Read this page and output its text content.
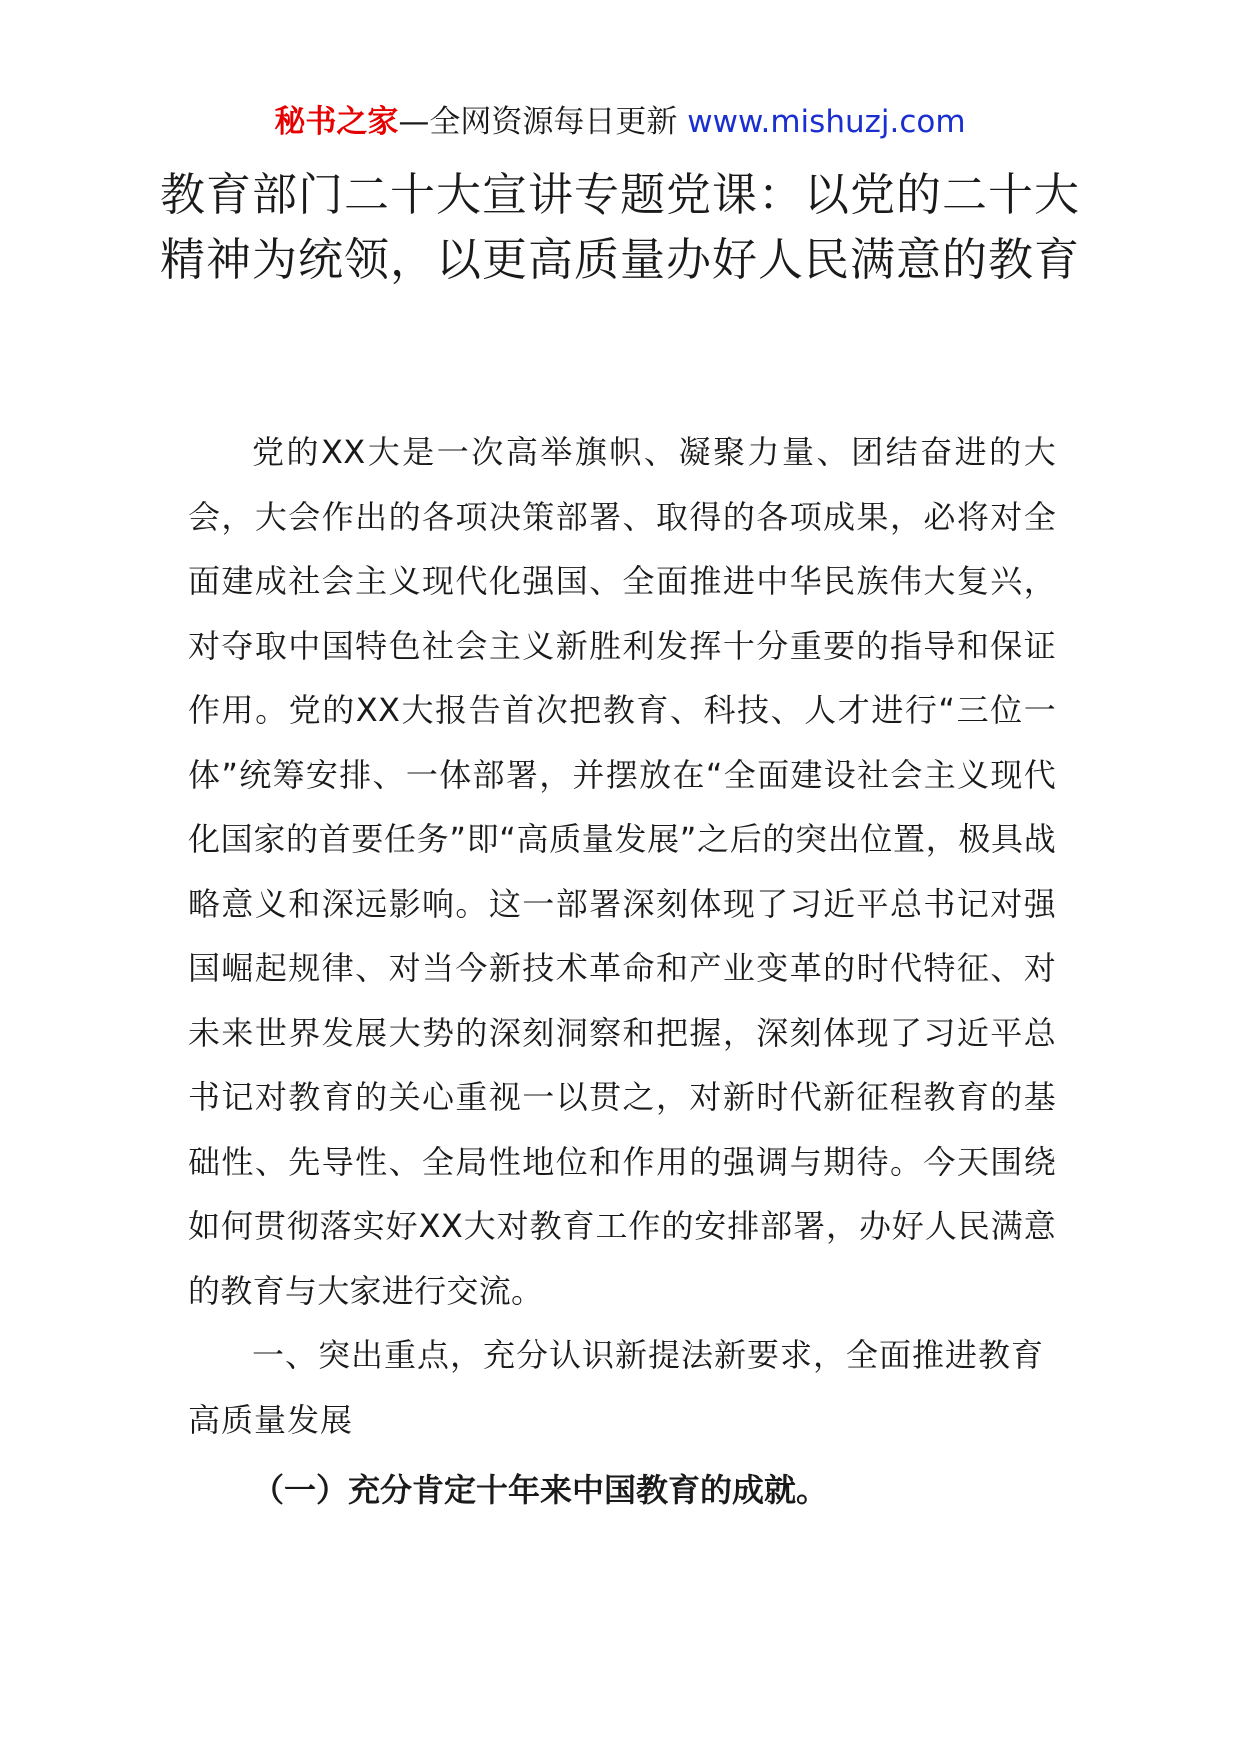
秘书之家—全网资源每日更新 www.mishuzj.com
教育部门二十大宣讲专题党课：以党的二十大精神为统领，以更高质量办好人民满意的教育

党的XX大是一次高举旗帜、凝聚力量、团结奋进的大会，大会作出的各项决策部署、取得的各项成果，必将对全面建成社会主义现代化强国、全面推进中华民族伟大复兴，对夺取中国特色社会主义新胜利发挥十分重要的指导和保证作用。党的XX大报告首次把教育、科技、人才进行“三位一体”统筹安排、一体部署，并摆放在“全面建设社会主义现代化国家的首要任务”即“高质量发展”之后的突出位置，极具战略意义和深远影响。这一部署深刻体现了习近平总书记对强国崛起规律、对当今新技术革命和产业变革的时代特征、对未来世界发展大势的深刻洞察和把握，深刻体现了习近平总书记对教育的关心重视一以贯之，对新时代新征程教育的基础性、先导性、全局性地位和作用的强调与期待。今天围绕如何贯彻落实好XX大对教育工作的安排部署，办好人民满意的教育与大家进行交流。

一、突出重点，充分认识新提法新要求，全面推进教育高质量发展

（一）充分肯定十年来中国教育的成就。
